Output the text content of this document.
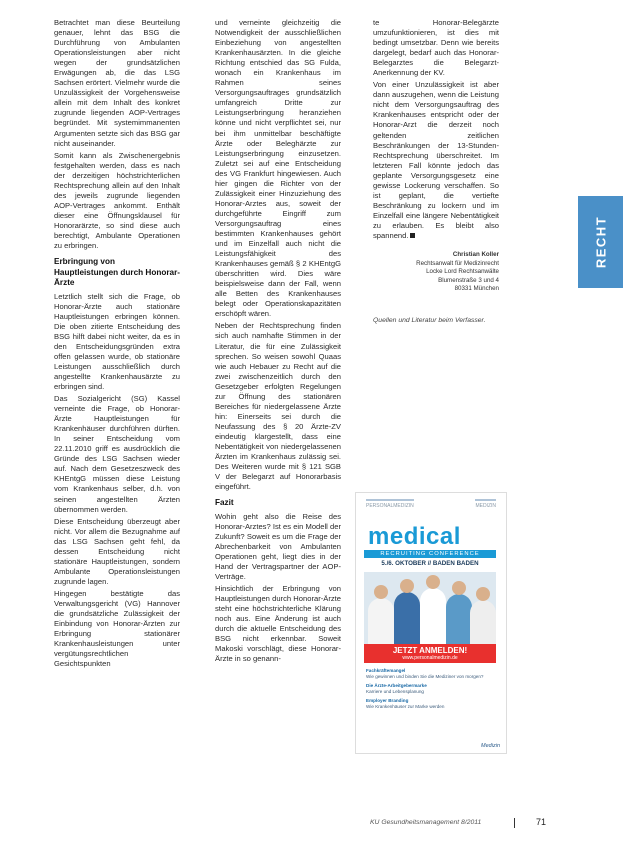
Betrachtet man diese Beurteilung genauer, lehnt das BSG die Durchführung von Ambulanten Operationsleistungen aber nicht wegen der grundsätzlichen Erwägungen ab, die das LSG Sachsen erörtert. Vielmehr wurde die Unzulässigkeit der Vorgehensweise allein mit dem Inhalt des konkret zugrunde liegenden AOP-Vertrages begründet. Mit systemimmanenten Argumenten setzte sich das BSG gar nicht auseinander.

Somit kann als Zwischenergebnis festgehalten werden, dass es nach der derzeitigen höchstrichterlichen Rechtsprechung allein auf den Inhalt des jeweils zugrunde liegenden AOP-Vertrages ankommt. Enthält dieser eine Öffnungsklausel für Honorarärzte, so sind diese auch berechtigt, Ambulante Operationen zu erbringen.

Erbringung von Hauptleistungen durch Honorar-Ärzte

Letztlich stellt sich die Frage, ob Honorar-Ärzte auch stationäre Hauptleistungen erbringen können. Die oben zitierte Entscheidung des BSG hilft dabei nicht weiter, da es in den Entscheidungsgründen extra offen gelassen wurde, ob stationäre Leistungen ausschließlich durch angestellte Krankenhausärzte zu erbringen sind.

Das Sozialgericht (SG) Kassel verneinte die Frage, ob Honorar-Ärzte Hauptleistungen für Krankenhäuser durchführen dürften. In seiner Entscheidung vom 22.11.2010 griff es ausdrücklich die Gründe des LSG Sachsen wieder auf. Nach dem Gesetzeszweck des KHEntgG müssen diese Leistung vom Krankenhaus selber, d.h. von seinen angestellten Ärzten übernommen werden.

Diese Entscheidung überzeugt aber nicht. Vor allem die Bezugnahme auf das LSG Sachsen geht fehl, da dessen Entscheidung nicht stationäre Hauptleistungen, sondern Ambulante Operationsleistungen zugrunde lagen.

Hingegen bestätigte das Verwaltungsgericht (VG) Hannover die grundsätzliche Zulässigkeit der Einbindung von Honorar-Ärzten zur Erbringung stationärer Krankenhausleistungen unter vergütungsrechtlichen Gesichtspunkten

und verneinte gleichzeitig die Notwendigkeit der ausschließlichen Einbeziehung von angestellten Krankenhausärzten. In die gleiche Richtung entschied das SG Fulda, wonach ein Krankenhaus im Rahmen seines Versorgungsauftrages grundsätzlich umfangreich Dritte zur Leistungserbringung heranziehen könne und nicht verpflichtet sei, nur bei ihm unmittelbar beschäftigte Ärzte oder Beleghärzte zur Leistungserbringung einzusetzen. Zuletzt sei auf eine Entscheidung des VG Frankfurt hingewiesen. Auch hier gingen die Richter von der Zulässigkeit einer Hinzuziehung des Honorar-Arztes aus, soweit der durchgeführte Eingriff zum Versorgungsauftrag eines bestimmten Krankenhauses gehört und im Einzelfall auch nicht die Leistungsfähigkeit des Krankenhauses gemäß § 2 KHEntgG überschritten wird. Dies wäre beispielsweise dann der Fall, wenn alle Betten des Krankenhauses belegt oder Operationskapazitäten erschöpft wären.

Neben der Rechtsprechung finden sich auch namhafte Stimmen in der Literatur, die für eine Zulässigkeit sprechen. So weisen sowohl Quaas wie auch Hebauer zu Recht auf die zwei zwischenzeitlich durch den Gesetzgeber erfolgten Regelungen zur Öffnung des stationären Bereiches für niedergelassene Ärzte hin: Einerseits sei durch die Neufassung des § 20 Ärzte-ZV eindeutig klargestellt, dass eine Nebentätigkeit von niedergelassenen Ärzten im Krankenhaus zulässig sei. Des Weiteren wurde mit § 121 SGB V der Belegarzt auf Honorarbasis eingeführt.

Fazit

Wohin geht also die Reise des Honorar-Arztes? Ist es ein Modell der Zukunft? Soweit es um die Frage der Abrechenbarkeit von Ambulanten Operationen geht, liegt dies in der Hand der Vertragspartner der AOP-Verträge.

Hinsichtlich der Erbringung von Hauptleistungen durch Honorar-Ärzte steht eine höchstrichterliche Klärung noch aus. Eine Änderung ist auch durch die aktuelle Entscheidung des BSG nicht erkennbar. Soweit Makoski vorschlägt, diese Honorar-Ärzte in so genann-

te Honorar-Belegärzte umzufunktionieren, ist dies mit bedingt umsetzbar. Denn wie bereits dargelegt, bedarf auch das Honorar-Belegarztes die Belegarzt-Anerkennung der KV.

Von einer Unzulässigkeit ist aber dann auszugehen, wenn die Leistung nicht dem Versorgungsauftrag des Krankenhauses entspricht oder der Honorar-Arzt die derzeit noch geltenden zeitlichen Beschränkungen der 13-Stunden-Rechtsprechung überschreitet. Im letzteren Fall könnte jedoch das geplante Versorgungsgesetz eine gewisse Lockerung verschaffen. So ist geplant, die vertiefte Beschränkung zu lockern und im Einzelfall eine längere Nebentätigkeit zu erlauben. Es bleibt also spannend.

Christian Koller
Rechtsanwalt für Medizinrecht
Locke Lord Rechtsanwälte
Blumenstraße 3 und 4
80331 München
Quellen und Literatur beim Verfasser.
RECHT
PERSONALMEDIZIN	MEDIZIN
medical
RECRUITING CONFERENCE
5./6. OKTOBER // BADEN BADEN
JETZT ANMELDEN!
www.personalmedizin.de
Fachkräftemangel
Wie gewinnen und binden Sie die Mediziner von morgen?
Die Ärzte-Arbeitgebermarke
Karriere und Lebensplanung
Employer Branding
Wie Krankenhäuser zur Marke werden
Medizin
KU Gesundheitsmanagement 8/2011	71
